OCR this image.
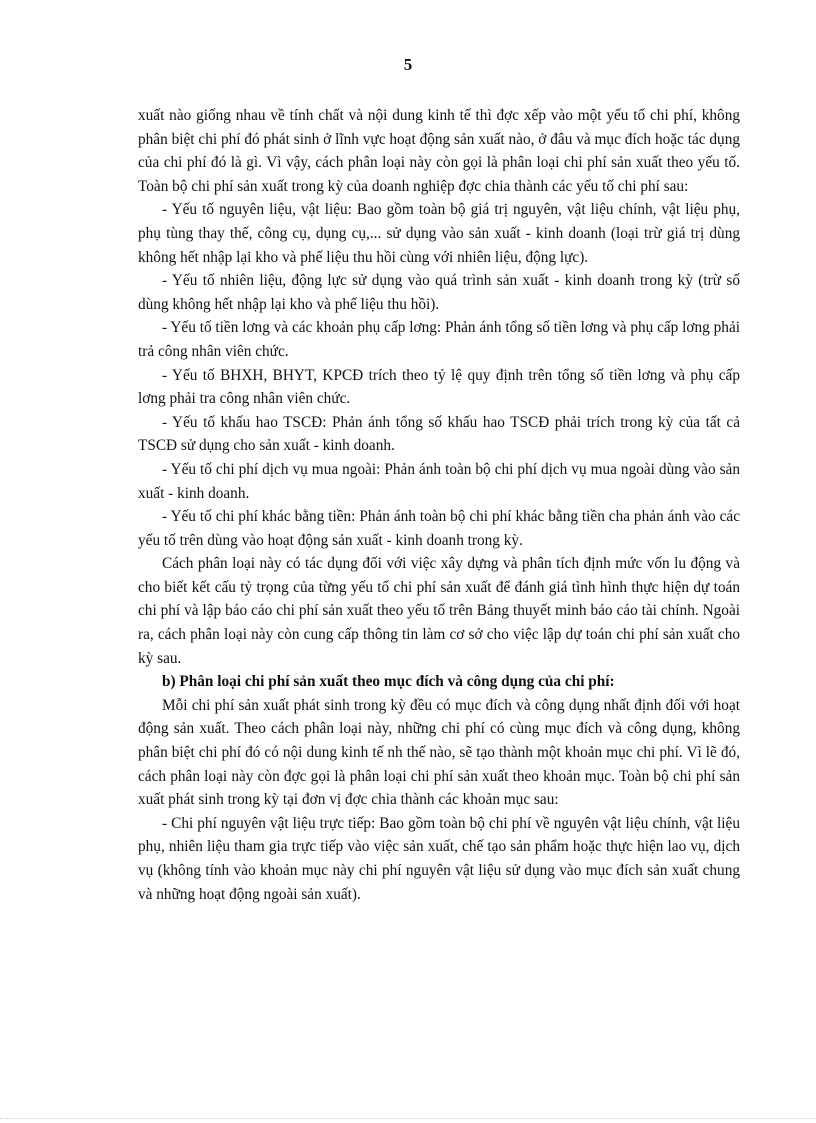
5

xuất nào giống nhau về tính chất và nội dung kinh tế thì đợc xếp vào một yếu tố chi phí, không phân biệt chi phí đó phát sinh ở lĩnh vực hoạt động sản xuất nào, ở đâu và mục đích hoặc tác dụng của chi phí đó là gì. Vì vậy, cách phân loại này còn gọi là phân loại chi phí sản xuất theo yếu tố. Toàn bộ chi phí sản xuất trong kỳ của doanh nghiệp đợc chia thành các yếu tố chi phí sau:

- Yếu tố nguyên liệu, vật liệu: Bao gồm toàn bộ giá trị nguyên, vật liệu chính, vật liệu phụ, phụ tùng thay thế, công cụ, dụng cụ,... sử dụng vào sản xuất - kinh doanh (loại trừ giá trị dùng không hết nhập lại kho và phế liệu thu hồi cùng với nhiên liệu, động lực).

- Yếu tố nhiên liệu, động lực sử dụng vào quá trình sản xuất - kinh doanh trong kỳ (trừ số dùng không hết nhập lại kho và phế liệu thu hồi).

- Yếu tố tiền lơng và các khoản phụ cấp lơng: Phản ánh tổng số tiền lơng và phụ cấp lơng phải trả công nhân viên chức.

- Yếu tố BHXH, BHYT, KPCĐ trích theo tỷ lệ quy định trên tổng số tiền lơng và phụ cấp lơng phải tra công nhân viên chức.

- Yếu tố khấu hao TSCĐ: Phản ánh tổng số khấu hao TSCĐ phải trích trong kỳ của tất cả TSCĐ sử dụng cho sản xuất - kinh doanh.

- Yếu tố chi phí dịch vụ mua ngoài: Phản ánh toàn bộ chi phí dịch vụ mua ngoài dùng vào sản xuất - kinh doanh.

- Yếu tố chi phí khác bằng tiền: Phản ánh toàn bộ chi phí khác bằng tiền cha phản ánh vào các yếu tố trên dùng vào hoạt động sản xuất - kinh doanh trong kỳ.

Cách phân loại này có tác dụng đối với việc xây dựng và phân tích định mức vốn lu động và cho biết kết cấu tỷ trọng của từng yếu tố chi phí sản xuất để đánh giá tình hình thực hiện dự toán chi phí và lập báo cáo chi phí sản xuất theo yếu tố trên Bảng thuyết minh báo cáo tài chính. Ngoài ra, cách phân loại này còn cung cấp thông tin làm cơ sở cho việc lập dự toán chi phí sản xuất cho kỳ sau.

b) Phân loại chi phí sản xuất theo mục đích và công dụng của chi phí:

Mỗi chi phí sản xuất phát sinh trong kỳ đều có mục đích và công dụng nhất định đối với hoạt động sản xuất. Theo cách phân loại này, những chi phí có cùng mục đích và công dụng, không phân biệt chi phí đó có nội dung kinh tế nh thế nào, sẽ tạo thành một khoản mục chi phí. Vì lẽ đó, cách phân loại này còn đợc gọi là phân loại chi phí sản xuất theo khoản mục. Toàn bộ chi phí sản xuất phát sinh trong kỳ tại đơn vị đợc chia thành các khoản mục sau:

- Chi phí nguyên vật liệu trực tiếp: Bao gồm toàn bộ chi phí về nguyên vật liệu chính, vật liệu phụ, nhiên liệu tham gia trực tiếp vào việc sản xuất, chế tạo sản phẩm hoặc thực hiện lao vụ, dịch vụ (không tính vào khoản mục này chi phí nguyên vật liệu sử dụng vào mục đích sản xuất chung và những hoạt động ngoài sản xuất).
